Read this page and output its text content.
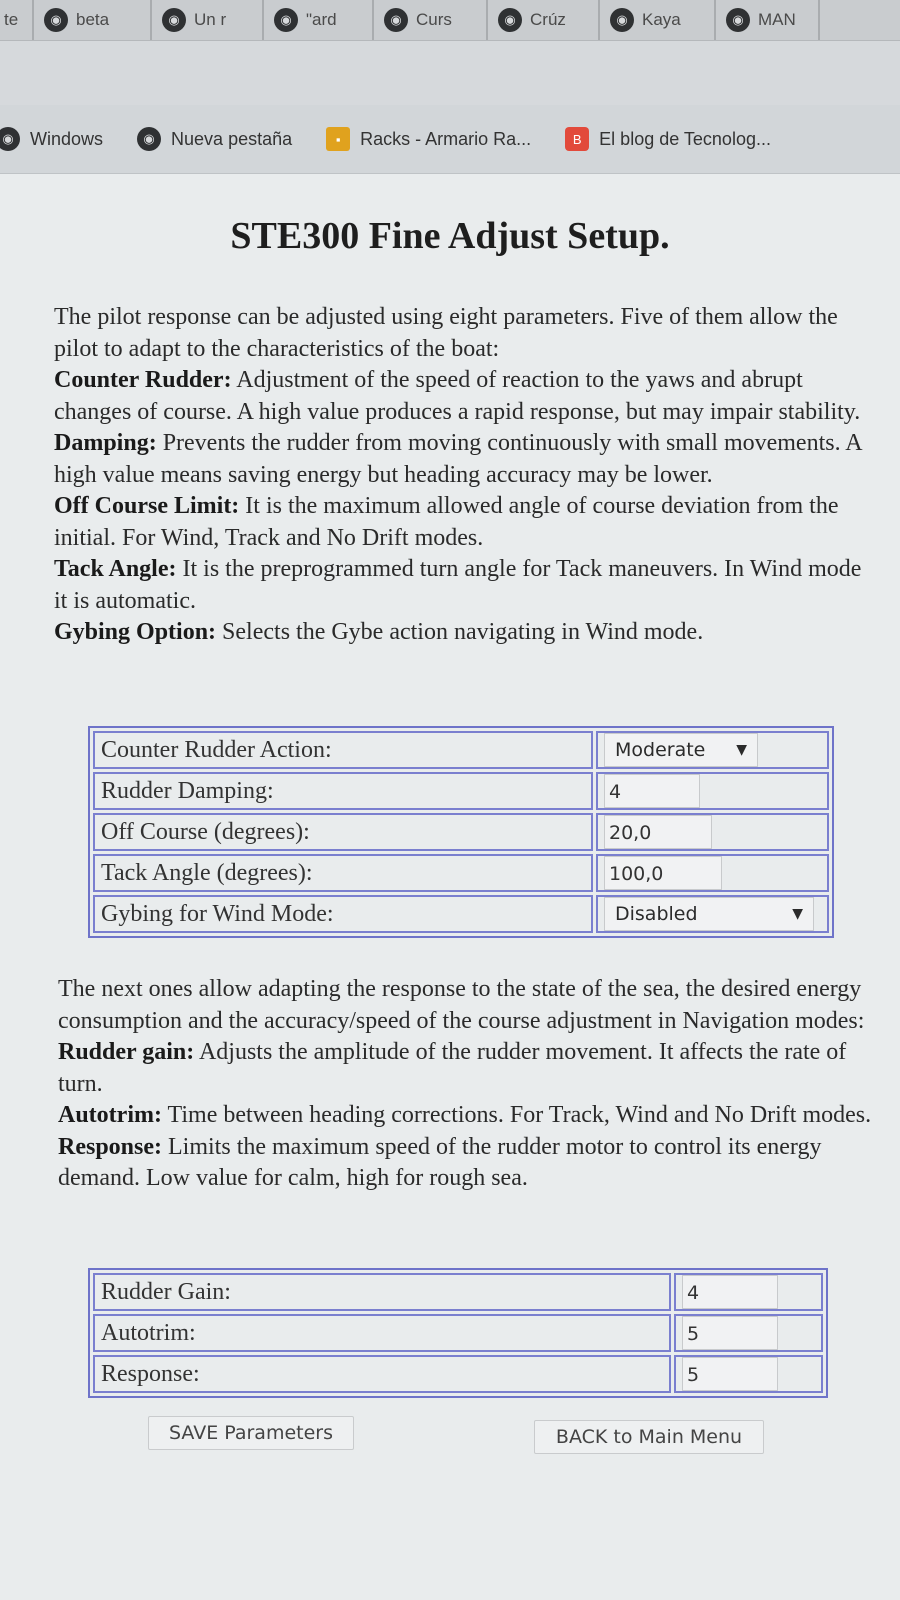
te	◉ beta	◉ Un r	◉ "ard	◉ Curs	◉ Crúz	◉ Kaya	◉ MAN
◉ Windows	◉ Nueva pestaña	▪	Racks - Armario Ra...	B El blog de Tecnolog...
STE300 Fine Adjust Setup.
The pilot response can be adjusted using eight parameters. Five of them allow the pilot to adapt to the characteristics of the boat:
Counter Rudder: Adjustment of the speed of reaction to the yaws and abrupt changes of course. A high value produces a rapid response, but may impair stability.
Damping: Prevents the rudder from moving continuously with small movements. A high value means saving energy but heading accuracy may be lower.
Off Course Limit: It is the maximum allowed angle of course deviation from the initial. For Wind, Track and No Drift modes.
Tack Angle: It is the preprogrammed turn angle for Tack maneuvers. In Wind mode it is automatic.
Gybing Option: Selects the Gybe action navigating in Wind mode.
Counter Rudder Action:	Moderate ▼

Rudder Damping:	4
Off Course (degrees):	20,0
Tack Angle (degrees):	100,0
Gybing for Wind Mode:	Disabled ▼
The next ones allow adapting the response to the state of the sea, the desired energy consumption and the accuracy/speed of the course adjustment in Navigation modes:
Rudder gain: Adjusts the amplitude of the rudder movement. It affects the rate of turn.
Autotrim: Time between heading corrections. For Track, Wind and No Drift modes.
Response: Limits the maximum speed of the rudder motor to control its energy demand. Low value for calm, high for rough sea.
Rudder Gain:	4
Autotrim:	5
Response:	5
SAVE Parameters	BACK to Main Menu
